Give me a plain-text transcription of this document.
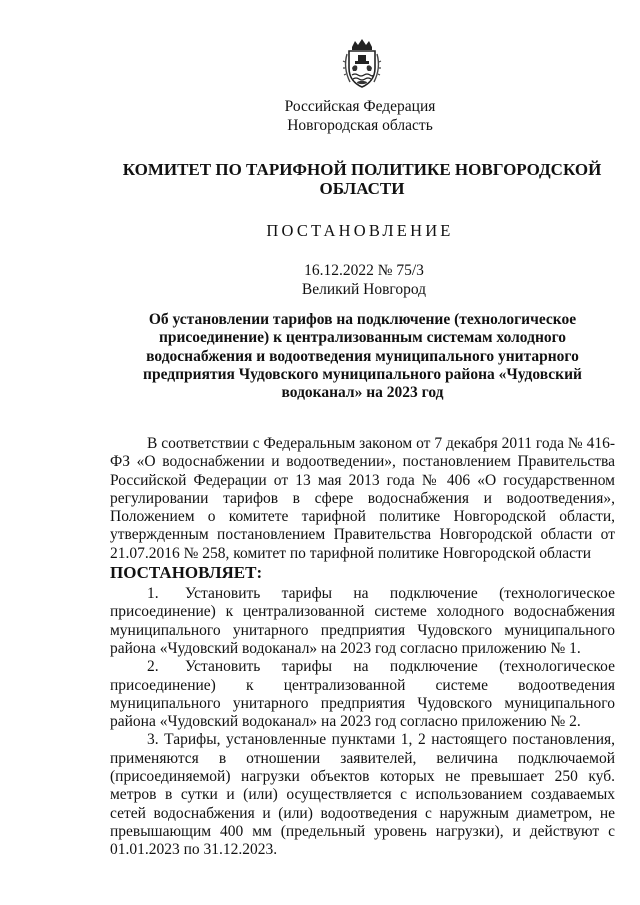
Российская Федерация
Новгородская область
КОМИТЕТ ПО ТАРИФНОЙ ПОЛИТИКЕ НОВГОРОДСКОЙ ОБЛАСТИ
ПОСТАНОВЛЕНИЕ
16.12.2022 № 75/3
Великий Новгород
Об установлении тарифов на подключение (технологическое присоединение) к централизованным системам холодного водоснабжения и водоотведения муниципального унитарного предприятия Чудовского муниципального района «Чудовский водоканал» на 2023 год

В соответствии с Федеральным законом от 7 декабря 2011 года № 416-ФЗ «О водоснабжении и водоотведении», постановлением Правительства Российской Федерации от 13 мая 2013 года № 406 «О государственном регулировании тарифов в сфере водоснабжения и водоотведения», Положением о комитете тарифной политике Новгородской области, утвержденным постановлением Правительства Новгородской области от 21.07.2016 № 258, комитет по тарифной политике Новгородской области

ПОСТАНОВЛЯЕТ:

1. Установить тарифы на подключение (технологическое присоединение) к централизованной системе холодного водоснабжения муниципального унитарного предприятия Чудовского муниципального района «Чудовский водоканал» на 2023 год согласно приложению № 1.

2. Установить тарифы на подключение (технологическое присоединение) к централизованной системе водоотведения муниципального унитарного предприятия Чудовского муниципального района «Чудовский водоканал» на 2023 год согласно приложению № 2.

3. Тарифы, установленные пунктами 1, 2 настоящего постановления, применяются в отношении заявителей, величина подключаемой (присоединяемой) нагрузки объектов которых не превышает 250 куб. метров в сутки и (или) осуществляется с использованием создаваемых сетей водоснабжения и (или) водоотведения с наружным диаметром, не превышающим 400 мм (предельный уровень нагрузки), и действуют с 01.01.2023 по 31.12.2023.
